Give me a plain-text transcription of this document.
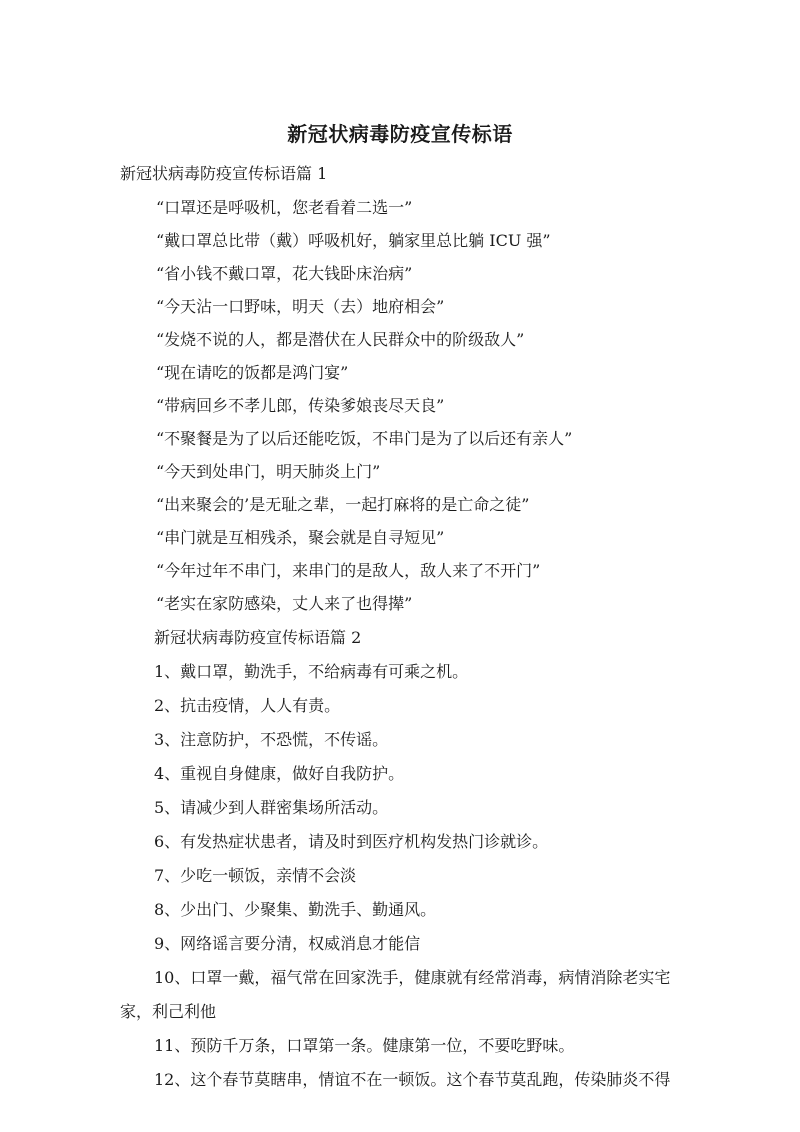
新冠状病毒防疫宣传标语

新冠状病毒防疫宣传标语篇 1

“口罩还是呼吸机，您老看着二选一”

“戴口罩总比带（戴）呼吸机好，躺家里总比躺 ICU 强”

“省小钱不戴口罩，花大钱卧床治病”

“今天沾一口野味，明天（去）地府相会”

“发烧不说的人，都是潜伏在人民群众中的阶级敌人”

“现在请吃的饭都是鸿门宴”

“带病回乡不孝儿郎，传染爹娘丧尽天良”

“不聚餐是为了以后还能吃饭，不串门是为了以后还有亲人”

“今天到处串门，明天肺炎上门”

“出来聚会的’是无耻之辈，一起打麻将的是亡命之徒”

“串门就是互相残杀，聚会就是自寻短见”

“今年过年不串门，来串门的是敌人，敌人来了不开门”

“老实在家防感染，丈人来了也得撵”

新冠状病毒防疫宣传标语篇 2

1、戴口罩，勤洗手，不给病毒有可乘之机。

2、抗击疫情，人人有责。

3、注意防护，不恐慌，不传谣。

4、重视自身健康，做好自我防护。

5、请减少到人群密集场所活动。

6、有发热症状患者，请及时到医疗机构发热门诊就诊。

7、少吃一顿饭，亲情不会淡

8、少出门、少聚集、勤洗手、勤通风。

9、网络谣言要分清，权威消息才能信

10、口罩一戴，福气常在回家洗手，健康就有经常消毒，病情消除老实宅

家，利己利他

11、预防千万条，口罩第一条。健康第一位，不要吃野味。

12、这个春节莫瞎串，情谊不在一顿饭。这个春节莫乱跑，传染肺炎不得
